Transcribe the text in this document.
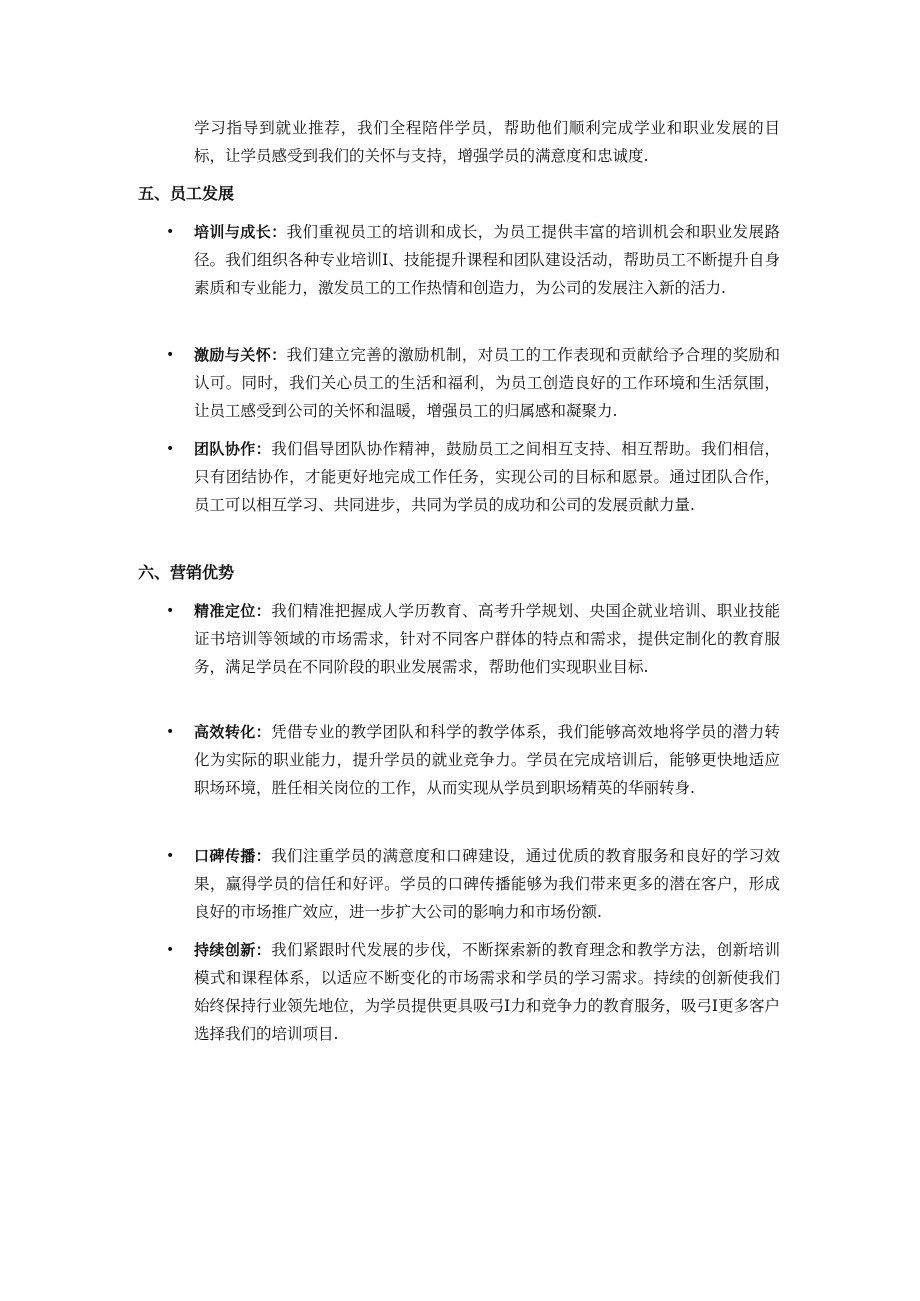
学习指导到就业推荐，我们全程陪伴学员，帮助他们顺利完成学业和职业发展的目标，让学员感受到我们的关怀与支持，增强学员的满意度和忠诚度.

五、员工发展
•	培训与成长：我们重视员工的培训和成长，为员工提供丰富的培训机会和职业发展路径。我们组织各种专业培训I、技能提升课程和团队建设活动，帮助员工不断提升自身素质和专业能力，激发员工的工作热情和创造力，为公司的发展注入新的活力.

•	激励与关怀：我们建立完善的激励机制，对员工的工作表现和贡献给予合理的奖励和认可。同时，我们关心员工的生活和福利，为员工创造良好的工作环境和生活氛围，让员工感受到公司的关怀和温暖，增强员工的归属感和凝聚力.

•	团队协作：我们倡导团队协作精神，鼓励员工之间相互支持、相互帮助。我们相信，只有团结协作，才能更好地完成工作任务，实现公司的目标和愿景。通过团队合作，员工可以相互学习、共同进步，共同为学员的成功和公司的发展贡献力量.

六、营销优势
•	精准定位：我们精准把握成人学历教育、高考升学规划、央国企就业培训、职业技能证书培训等领域的市场需求，针对不同客户群体的特点和需求，提供定制化的教育服务，满足学员在不同阶段的职业发展需求，帮助他们实现职业目标.

•	高效转化：凭借专业的教学团队和科学的教学体系，我们能够高效地将学员的潜力转化为实际的职业能力，提升学员的就业竞争力。学员在完成培训后，能够更快地适应职场环境，胜任相关岗位的工作，从而实现从学员到职场精英的华丽转身.

•	口碑传播：我们注重学员的满意度和口碑建设，通过优质的教育服务和良好的学习效果，赢得学员的信任和好评。学员的口碑传播能够为我们带来更多的潜在客户，形成良好的市场推广效应，进一步扩大公司的影响力和市场份额.

•	持续创新：我们紧跟时代发展的步伐，不断探索新的教育理念和教学方法，创新培训模式和课程体系，以适应不断变化的市场需求和学员的学习需求。持续的创新使我们始终保持行业领先地位，为学员提供更具吸弓I力和竞争力的教育服务，吸弓I更多客户选择我们的培训项目.
